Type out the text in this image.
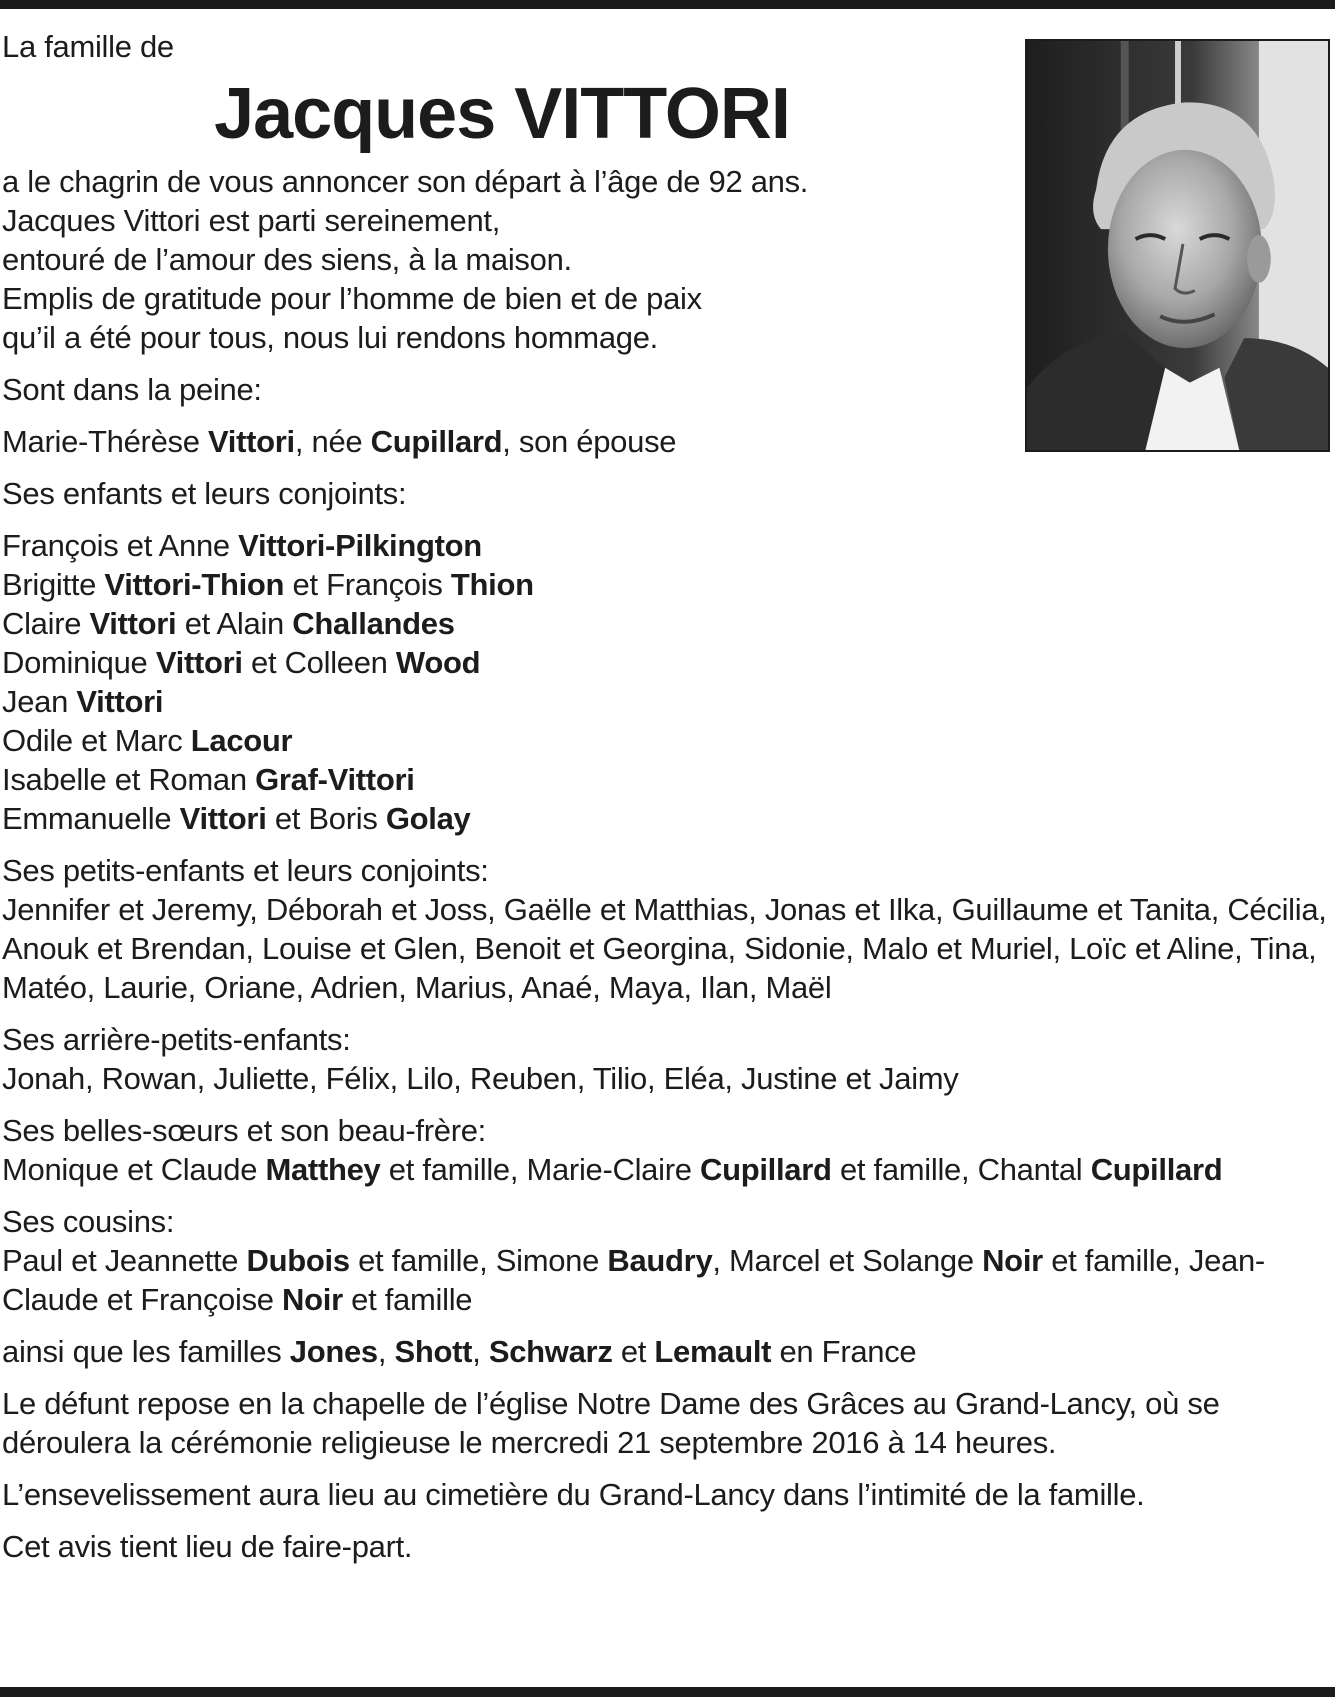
La famille de

Jacques VITTORI

a le chagrin de vous annoncer son départ à l’âge de 92 ans.

Jacques Vittori est parti sereinement,

entouré de l’amour des siens, à la maison.

Emplis de gratitude pour l’homme de bien et de paix

qu’il a été pour tous, nous lui rendons hommage.

Sont dans la peine:

Marie-Thérèse Vittori, née Cupillard, son épouse

Ses enfants et leurs conjoints:

François et Anne Vittori-Pilkington

Brigitte Vittori-Thion et François Thion

Claire Vittori et Alain Challandes

Dominique Vittori et Colleen Wood

Jean Vittori

Odile et Marc Lacour

Isabelle et Roman Graf-Vittori

Emmanuelle Vittori et Boris Golay

Ses petits-enfants et leurs conjoints:

Jennifer et Jeremy, Déborah et Joss, Gaëlle et Matthias, Jonas et Ilka, Guillaume et Tanita, Cécilia, Anouk et Brendan, Louise et Glen, Benoit et Georgina, Sidonie, Malo et Muriel, Loïc et Aline, Tina, Matéo, Laurie, Oriane, Adrien, Marius, Anaé, Maya, Ilan, Maël

Ses arrière-petits-enfants:

Jonah, Rowan, Juliette, Félix, Lilo, Reuben, Tilio, Eléa, Justine et Jaimy

Ses belles-sœurs et son beau-frère:

Monique et Claude Matthey et famille, Marie-Claire Cupillard et famille, Chantal Cupillard

Ses cousins:

Paul et Jeannette Dubois et famille, Simone Baudry, Marcel et Solange Noir et famille, Jean-Claude et Françoise Noir et famille

ainsi que les familles Jones, Shott, Schwarz et Lemault en France

Le défunt repose en la chapelle de l’église Notre Dame des Grâces au Grand-Lancy, où se déroulera la cérémonie religieuse le mercredi 21 septembre 2016 à 14 heures.

L’ensevelissement aura lieu au cimetière du Grand-Lancy dans l’intimité de la famille.

Cet avis tient lieu de faire-part.
